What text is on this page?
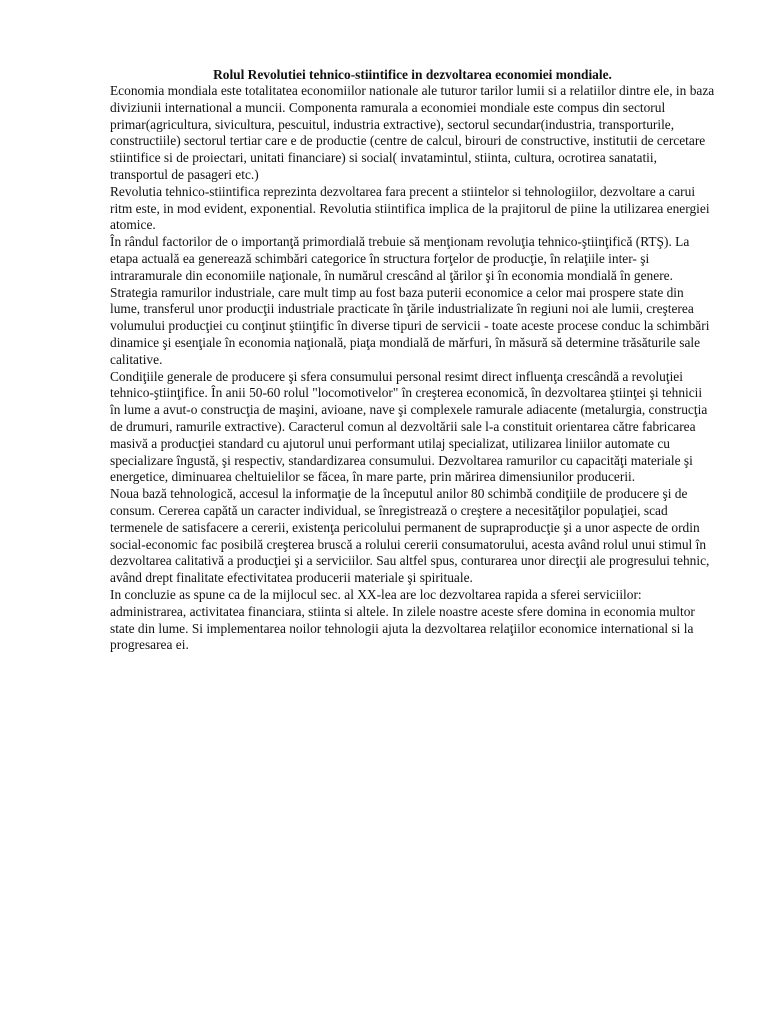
Rolul Revolutiei tehnico-stiintifice in dezvoltarea economiei mondiale.

Economia mondiala este totalitatea economiilor nationale ale tuturor tarilor lumii si a relatiilor dintre ele, in baza diviziunii international a muncii. Componenta ramurala a economiei mondiale este compus din sectorul primar(agricultura, sivicultura, pescuitul, industria extractive), sectorul secundar(industria, transporturile, constructiile) sectorul tertiar care e de productie (centre de calcul, birouri de constructive, institutii de cercetare stiintifice si de proiectari, unitati financiare) si social( invatamintul, stiinta, cultura, ocrotirea sanatatii, transportul de pasageri etc.)

Revolutia tehnico-stiintifica reprezinta dezvoltarea fara precent a stiintelor si tehnologiilor, dezvoltare a carui ritm este, in mod evident, exponential. Revolutia stiintifica implica de la prajitorul de piine la utilizarea energiei atomice.

În rândul factorilor de o importanţă primordială trebuie să menţionam revoluţia tehnico-ştiinţifică (RTŞ). La etapa actuală ea generează schimbări categorice în structura forţelor de producţie, în relaţiile inter- şi intraramurale din economiile naţionale, în numărul crescând al ţărilor şi în economia mondială în genere. Strategia ramurilor industriale, care mult timp au fost baza puterii economice a celor mai prospere state din lume, transferul unor producţii industriale practicate în ţările industrializate în regiuni noi ale lumii, creşterea volumului producţiei cu conţinut ştiinţific în diverse tipuri de servicii - toate aceste procese conduc la schimbări dinamice şi esenţiale în economia naţională, piaţa mondială de mărfuri, în măsură să determine trăsăturile sale calitative.

Condiţiile generale de producere şi sfera consumului personal resimt direct influenţa crescândă a revoluţiei tehnico-ştiinţifice. În anii 50-60 rolul "locomotivelor" în creşterea economică, în dezvoltarea ştiinţei şi tehnicii în lume a avut-o construcţia de maşini, avioane, nave şi complexele ramurale adiacente (metalurgia, construcţia de drumuri, ramurile extractive). Caracterul comun al dezvoltării sale l-a constituit orientarea către fabricarea masivă a producţiei standard cu ajutorul unui performant utilaj specializat, utilizarea liniilor automate cu specializare îngustă, şi respectiv, standardizarea consumului. Dezvoltarea ramurilor cu capacităţi materiale şi energetice, diminuarea cheltuielilor se făcea, în mare parte, prin mărirea dimensiunilor producerii.

Noua bază tehnologică, accesul la informaţie de la începutul anilor 80 schimbă condiţiile de producere şi de consum. Cererea capătă un caracter individual, se înregistrează o creştere a necesităţilor populaţiei, scad termenele de satisfacere a cererii, existenţa pericolului permanent de supraproducţie şi a unor aspecte de ordin social-economic fac posibilă creşterea bruscă a rolului cererii consumatorului, acesta având rolul unui stimul în dezvoltarea calitativă a producţiei şi a serviciilor. Sau altfel spus, conturarea unor direcţii ale progresului tehnic, având drept finalitate efectivitatea producerii materiale şi spirituale.

In concluzie as spune ca de la mijlocul sec. al XX-lea are loc dezvoltarea rapida a sferei serviciilor: administrarea, activitatea financiara, stiinta si altele. In zilele noastre aceste sfere domina in economia multor state din lume. Si implementarea noilor tehnologii ajuta la dezvoltarea relaţiilor economice international si la progresarea ei.
